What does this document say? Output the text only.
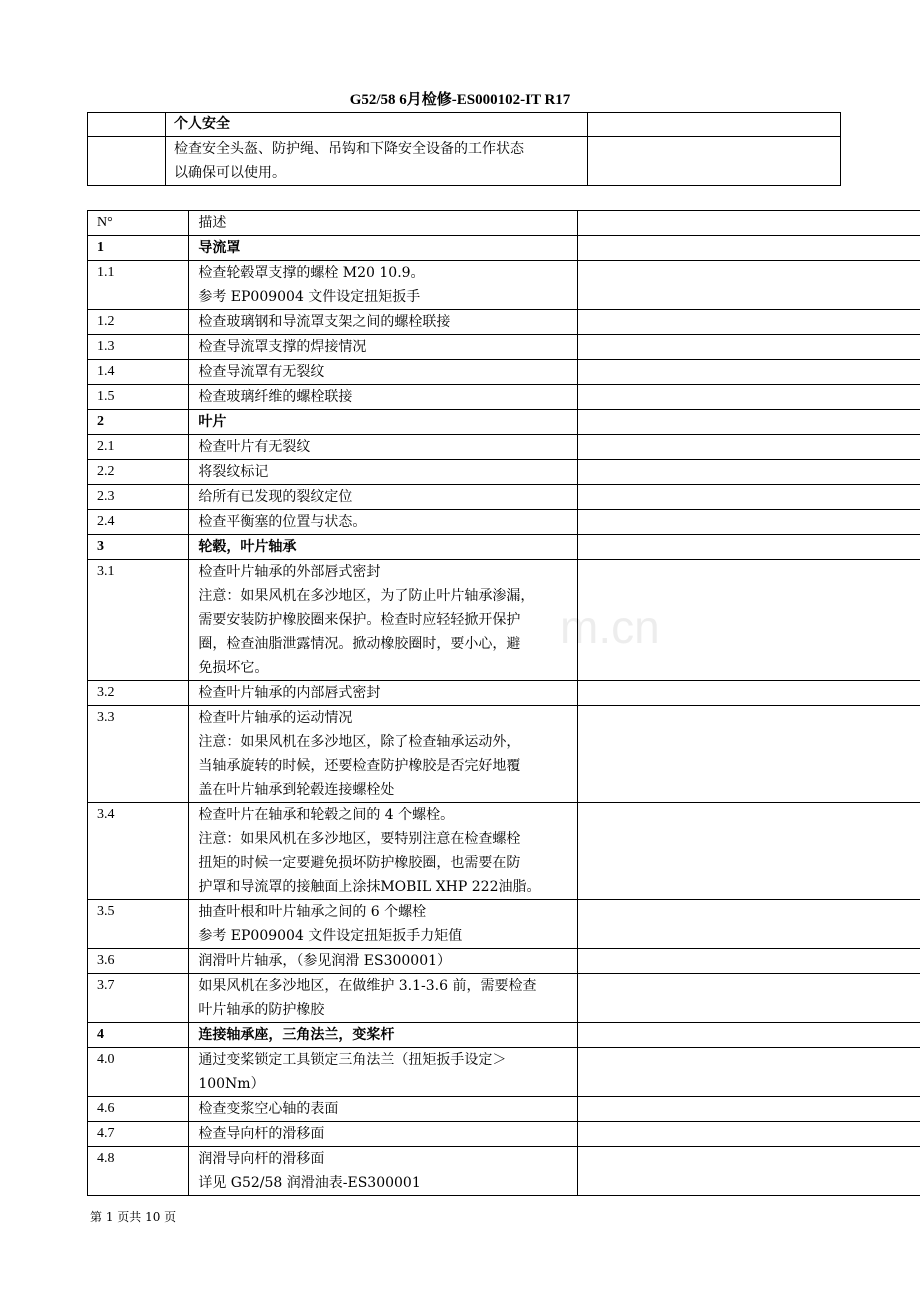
G52/58 6月检修-ES000102-IT R17
	个人安全	

	检查安全头盔、防护绳、吊钩和下降安全设备的工作状态
以确保可以使用。	

N°	描述	
1	导流罩	

1.1	检查轮毂罩支撑的螺栓 M20 10.9。
参考 EP009004 文件设定扭矩扳手	

1.2	检查玻璃钢和导流罩支架之间的螺栓联接	

1.3	检查导流罩支撑的焊接情况	

1.4	检查导流罩有无裂纹	

1.5	检查玻璃纤维的螺栓联接	

2	叶片	

2.1	检查叶片有无裂纹	

2.2	将裂纹标记	

2.3	给所有已发现的裂纹定位	

2.4	检查平衡塞的位置与状态。	

3	轮毂，叶片轴承	

3.1	检查叶片轴承的外部唇式密封
注意：如果风机在多沙地区，为了防止叶片轴承渗漏，
需要安装防护橡胶圈来保护。检查时应轻轻掀开保护
圈，检查油脂泄露情况。掀动橡胶圈时，要小心，避
免损坏它。	

3.2	检查叶片轴承的内部唇式密封	

3.3	检查叶片轴承的运动情况
注意：如果风机在多沙地区，除了检查轴承运动外，
当轴承旋转的时候，还要检查防护橡胶是否完好地覆
盖在叶片轴承到轮毂连接螺栓处	

3.4	检查叶片在轴承和轮毂之间的 4 个螺栓。
注意：如果风机在多沙地区，要特别注意在检查螺栓
扭矩的时候一定要避免损坏防护橡胶圈，也需要在防
护罩和导流罩的接触面上涂抹MOBIL XHP 222油脂。	

3.5	抽查叶根和叶片轴承之间的 6 个螺栓
参考 EP009004 文件设定扭矩扳手力矩值	

3.6	润滑叶片轴承，（参见润滑 ES300001）	

3.7	如果风机在多沙地区，在做维护 3.1-3.6 前，需要检查
叶片轴承的防护橡胶	

4	连接轴承座，三角法兰，变桨杆	

4.0	通过变桨锁定工具锁定三角法兰（扭矩扳手设定＞
100Nm）	

4.6	检查变浆空心轴的表面	

4.7	检查导向杆的滑移面	

4.8	润滑导向杆的滑移面
详见 G52/58 润滑油表-ES300001	

m.cn
第 1 页共 10 页
